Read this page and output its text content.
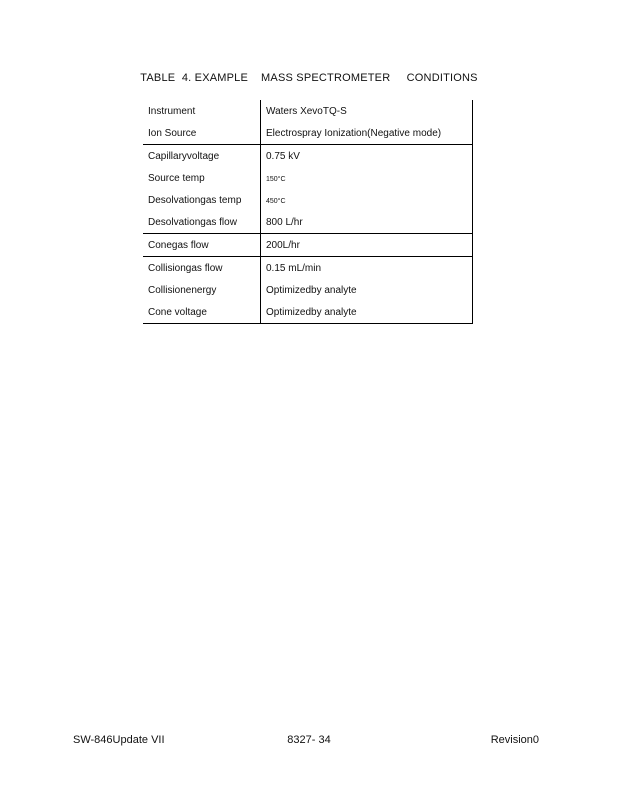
TABLE  4. EXAMPLE    MASS SPECTROMETER     CONDITIONS
Instrument	Waters XevoTQ-S
Ion Source	Electrospray Ionization(Negative mode)
Capillaryvoltage	0.75 kV
Source temp	150°C
Desolvationgas temp	450°C
Desolvationgas flow	800 L/hr
Conegas flow	200L/hr
Collisiongas flow	0.15 mL/min
Collisionenergy	Optimizedby analyte
Cone voltage	Optimizedby analyte
SW-846Update VII	8327- 34	Revision0
